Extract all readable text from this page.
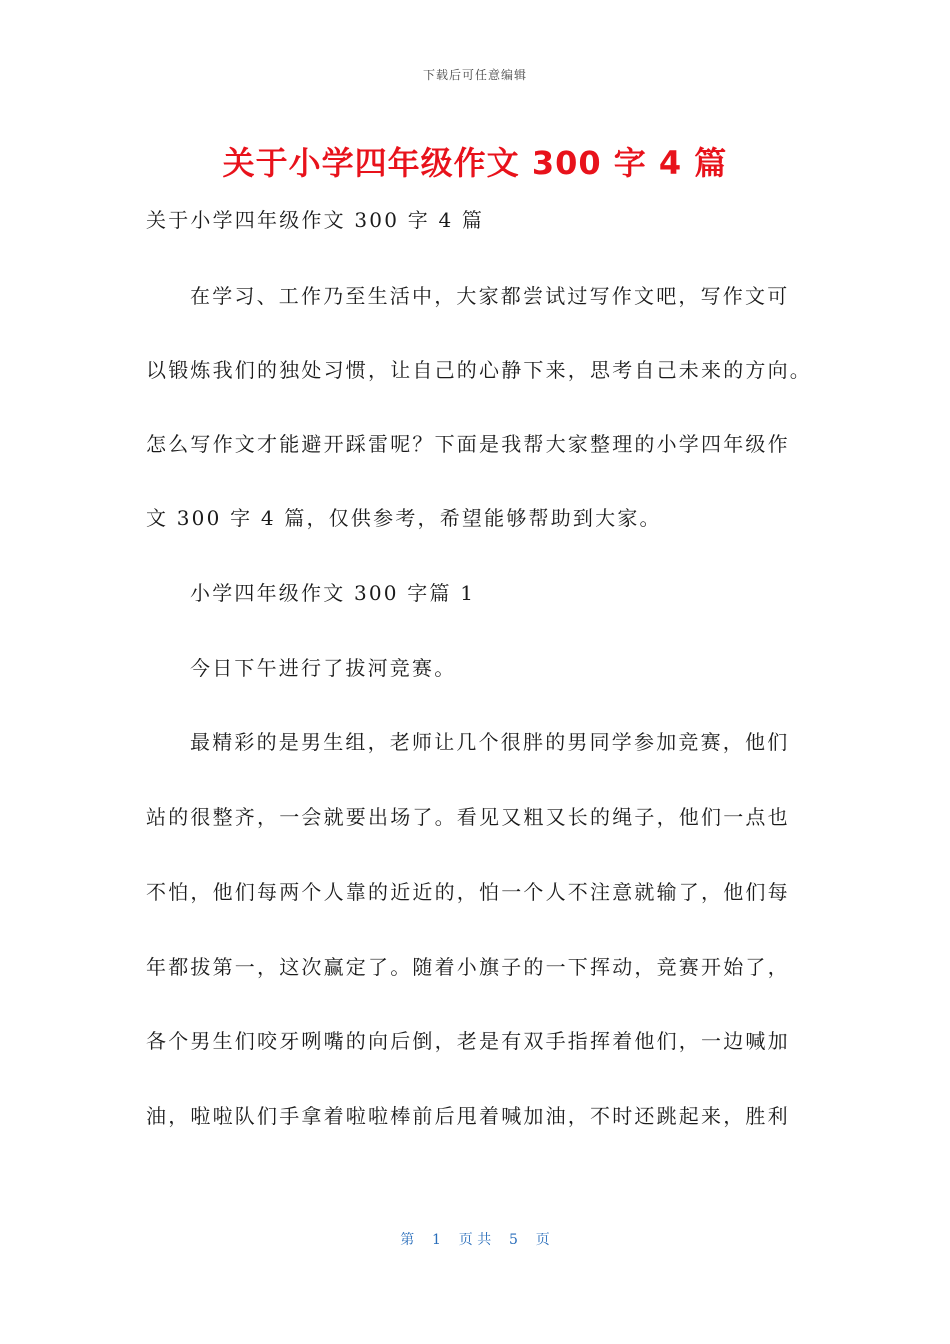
下载后可任意编辑
关于小学四年级作文 300 字 4 篇
关于小学四年级作文 300 字 4 篇
在学习、工作乃至生活中，大家都尝试过写作文吧，写作文可
以锻炼我们的独处习惯，让自己的心静下来，思考自己未来的方向。
怎么写作文才能避开踩雷呢？下面是我帮大家整理的小学四年级作
文 300 字 4 篇，仅供参考，希望能够帮助到大家。
小学四年级作文 300 字篇 1
今日下午进行了拔河竞赛。
最精彩的是男生组，老师让几个很胖的男同学参加竞赛，他们
站的很整齐，一会就要出场了。看见又粗又长的绳子，他们一点也
不怕，他们每两个人靠的近近的，怕一个人不注意就输了，他们每
年都拔第一，这次赢定了。随着小旗子的一下挥动，竞赛开始了，
各个男生们咬牙咧嘴的向后倒，老是有双手指挥着他们，一边喊加
油，啦啦队们手拿着啦啦棒前后甩着喊加油，不时还跳起来，胜利
第 1 页 共 5 页
